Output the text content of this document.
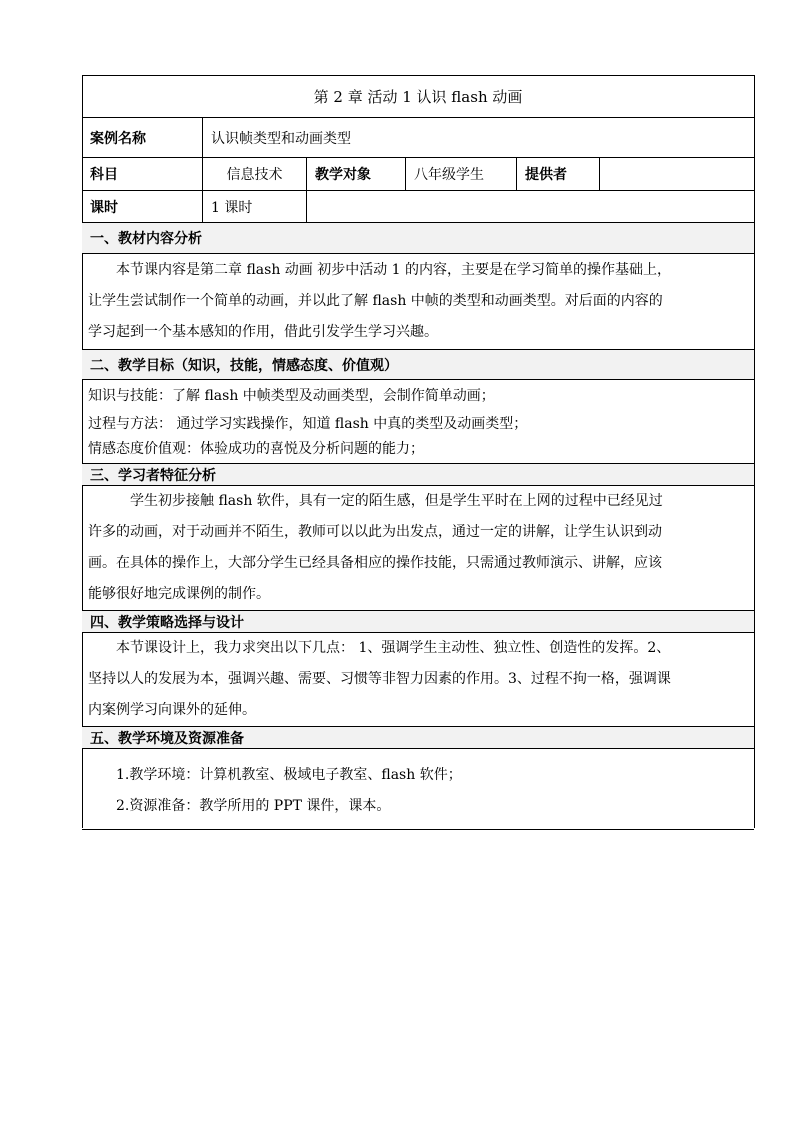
第 2 章 活动 1 认识 flash 动画
案例名称	认识帧类型和动画类型
科目	信息技术	教学对象	八年级学生	提供者
课时	1 课时
一、教材内容分析
本节课内容是第二章 flash 动画 初步中活动 1 的内容，主要是在学习简单的操作基础上，
让学生尝试制作一个简单的动画，并以此了解 flash 中帧的类型和动画类型。对后面的内容的
学习起到一个基本感知的作用，借此引发学生学习兴趣。
二、教学目标（知识，技能，情感态度、价值观）
知识与技能：了解 flash 中帧类型及动画类型，会制作简单动画；
过程与方法： 通过学习实践操作，知道 flash 中真的类型及动画类型；
情感态度价值观：体验成功的喜悦及分析问题的能力；
三、学习者特征分析
学生初步接触 flash 软件，具有一定的陌生感，但是学生平时在上网的过程中已经见过
许多的动画，对于动画并不陌生，教师可以以此为出发点，通过一定的讲解，让学生认识到动
画。在具体的操作上，大部分学生已经具备相应的操作技能，只需通过教师演示、讲解，应该
能够很好地完成课例的制作。
四、教学策略选择与设计
本节课设计上，我力求突出以下几点： 1、强调学生主动性、独立性、创造性的发挥。2、
坚持以人的发展为本，强调兴趣、需要、习惯等非智力因素的作用。3、过程不拘一格，强调课
内案例学习向课外的延伸。
五、教学环境及资源准备
1.教学环境：计算机教室、极域电子教室、flash 软件；
2.资源准备：教学所用的 PPT 课件，课本。
